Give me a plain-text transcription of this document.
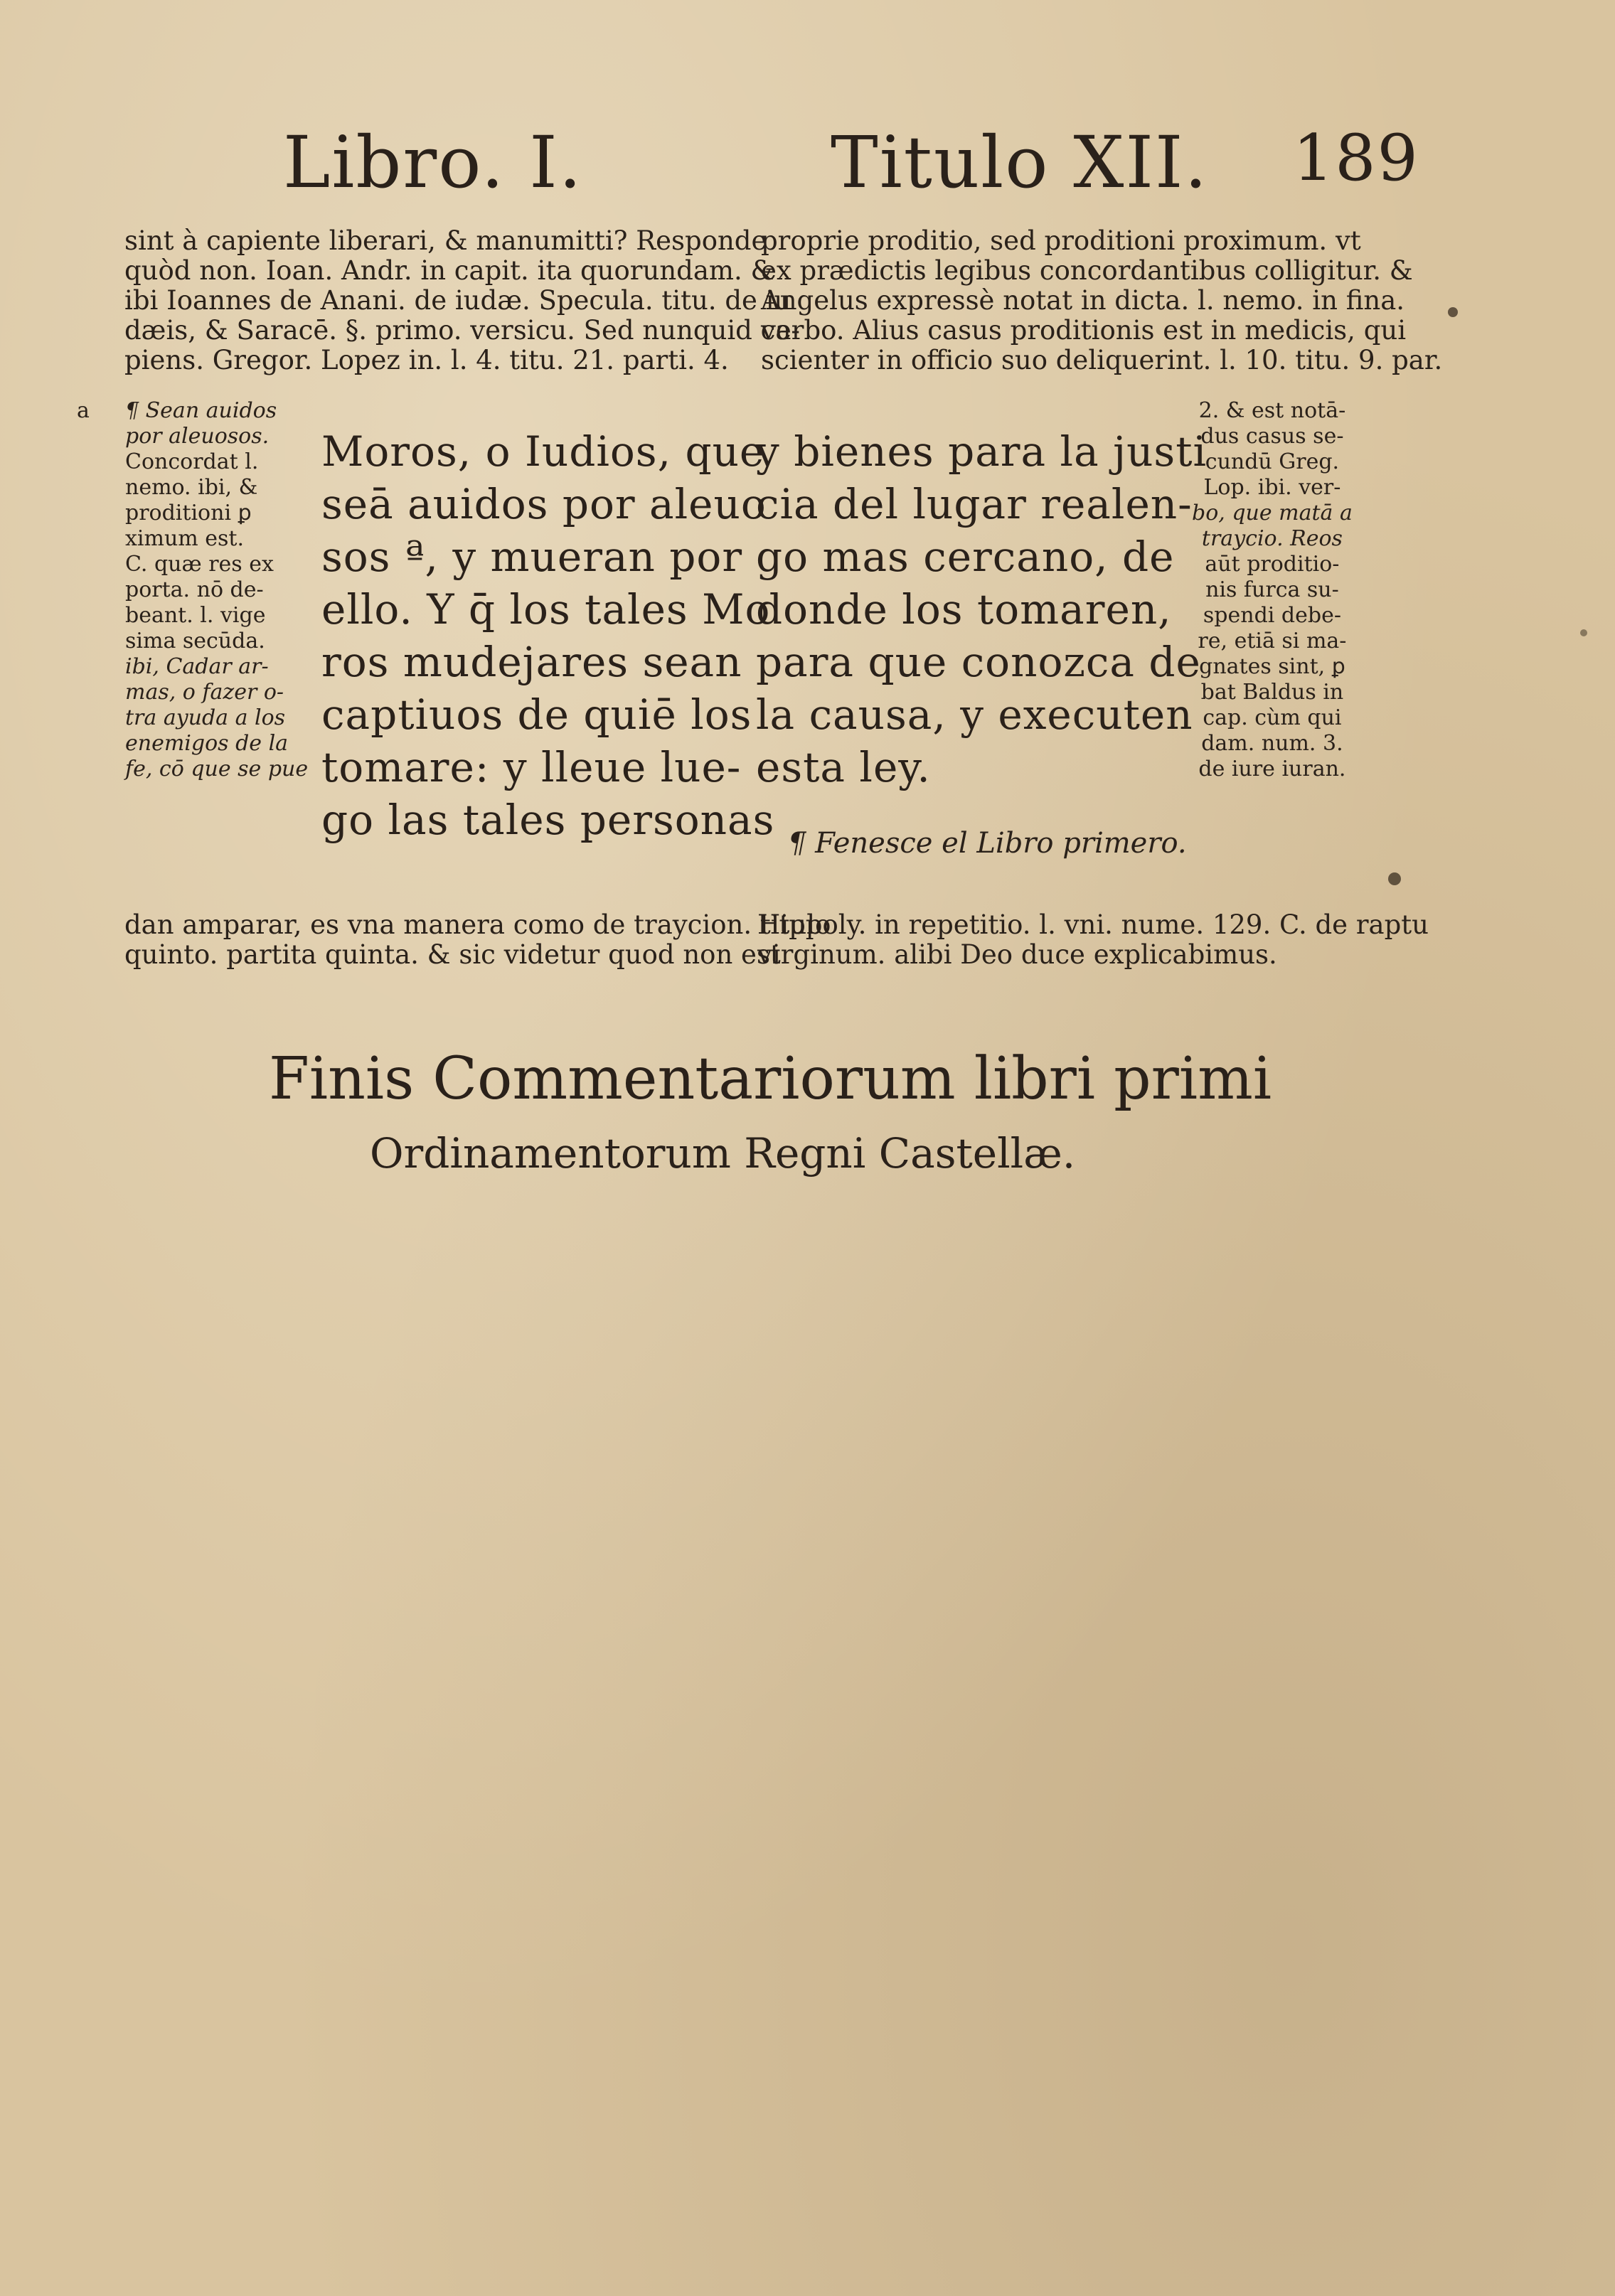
Libro. I.	Titulo XII. 189
sint à capiente liberari, & manumitti? Responde
quòd non. Ioan. Andr. in capit. ita quorundam. &
ibi Ioannes de Anani. de iudæ. Specula. titu. de iu
dæis, & Saracē. §. primo. versicu. Sed nunquid ca-
piens. Gregor. Lopez in. l. 4. titu. 21. parti. 4.
proprie proditio, sed proditioni proximum. vt
ex prædictis legibus concordantibus colligitur. &
Angelus expressè notat in dicta. l. nemo. in fina.
verbo. Alius casus proditionis est in medicis, qui
scienter in officio suo deliquerint. l. 10. titu. 9. par.
a ¶ Sean auidos
por aleuosos.
Concordat l.
nemo. ibi, &
proditioni ꝑ
ximum est.
C. quæ res ex
porta. nō de-
beant. l. vige
sima secūda.
ibi, Cadar ar-
mas, o fazer o-
tra ayuda a los
enemigos de la
fe, cō que se pue
2. & est notā-
dus casus se-
cundū Greg.
Lop. ibi. ver-
bo, que matā a
traycio. Reos
aūt proditio-
nis furca su-
spendi debe-
re, etiā si ma-
gnates sint, ꝑ
bat Baldus in
cap. cùm qui
dam. num. 3.
de iure iuran.
Moros, o Iudios, que
seā auidos por aleuo
sos ª, y mueran por
ello. Y q̄ los tales Mo
ros mudejares sean
captiuos de quiē los
tomare: y lleue lue-
go las tales personas
y bienes para la justi
cia del lugar realen-
go mas cercano, de
donde los tomaren,
para que conozca de
la causa, y executen
esta ley.
¶ Fenesce el Libro primero.
dan amparar, es vna manera como de traycion. titulo
quinto. partita quinta. & sic videtur quod non est
Hippoly. in repetitio. l. vni. nume. 129. C. de raptu
virginum. alibi Deo duce explicabimus.
Finis Commentariorum libri primi
Ordinamentorum Regni Castellæ.
